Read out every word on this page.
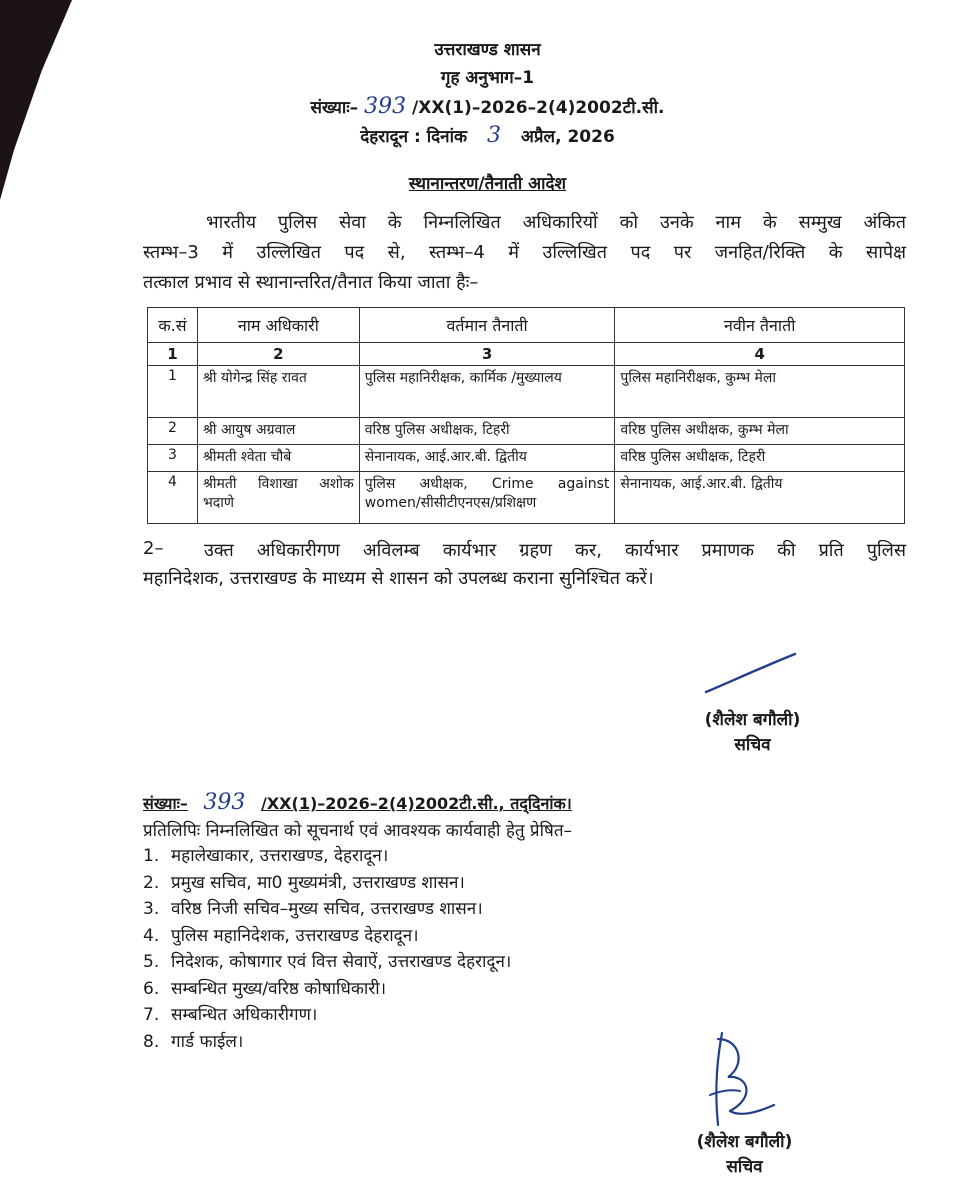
उत्तराखण्ड शासन
गृह अनुभाग–1
संख्याः– 393 /XX(1)–2026–2(4)2002टी.सी.
देहरादून : दिनांक 3 अप्रैल, 2026
स्थानान्तरण/तैनाती आदेश
भारतीय पुलिस सेवा के निम्नलिखित अधिकारियों को उनके नाम के सम्मुख अंकित
स्तम्भ–3 में उल्लिखित पद से, स्तम्भ–4 में उल्लिखित पद पर जनहित/रिक्ति के सापेक्ष
तत्काल प्रभाव से स्थानान्तरित/तैनात किया जाता हैः–
क.सं	नाम अधिकारी	वर्तमान तैनाती	नवीन तैनाती
1	2	3	4
1	श्री योगेन्द्र सिंह रावत	पुलिस महानिरीक्षक, कार्मिक /मुख्यालय	पुलिस महानिरीक्षक, कुम्भ मेला
2	श्री आयुष अग्रवाल	वरिष्ठ पुलिस अधीक्षक, टिहरी	वरिष्ठ पुलिस अधीक्षक, कुम्भ मेला
3	श्रीमती श्वेता चौबे	सेनानायक, आई.आर.बी. द्वितीय	वरिष्ठ पुलिस अधीक्षक, टिहरी
4	श्रीमती विशाखा अशोक भदाणे	पुलिस अधीक्षक, Crime against women/सीसीटीएनएस/प्रशिक्षण	सेनानायक, आई.आर.बी. द्वितीय
2–	उक्त अधिकारीगण अविलम्ब कार्यभार ग्रहण कर, कार्यभार प्रमाणक की प्रति पुलिस
महानिदेशक, उत्तराखण्ड के माध्यम से शासन को उपलब्ध कराना सुनिश्चित करें।
(शैलेश बगौली)
सचिव
संख्याः– 393 /XX(1)–2026–2(4)2002टी.सी., तद्‌दिनांक।
प्रतिलिपिः निम्नलिखित को सूचनार्थ एवं आवश्यक कार्यवाही हेतु प्रेषित–
1. महालेखाकार, उत्तराखण्ड, देहरादून।
2. प्रमुख सचिव, मा0 मुख्यमंत्री, उत्तराखण्ड शासन।
3. वरिष्ठ निजी सचिव–मुख्य सचिव, उत्तराखण्ड शासन।
4. पुलिस महानिदेशक, उत्तराखण्ड देहरादून।
5. निदेशक, कोषागार एवं वित्त सेवाऐं, उत्तराखण्ड देहरादून।
6. सम्बन्धित मुख्य/वरिष्ठ कोषाधिकारी।
7. सम्बन्धित अधिकारीगण।
8. गार्ड फाईल।
(शैलेश बगौली)
सचिव
